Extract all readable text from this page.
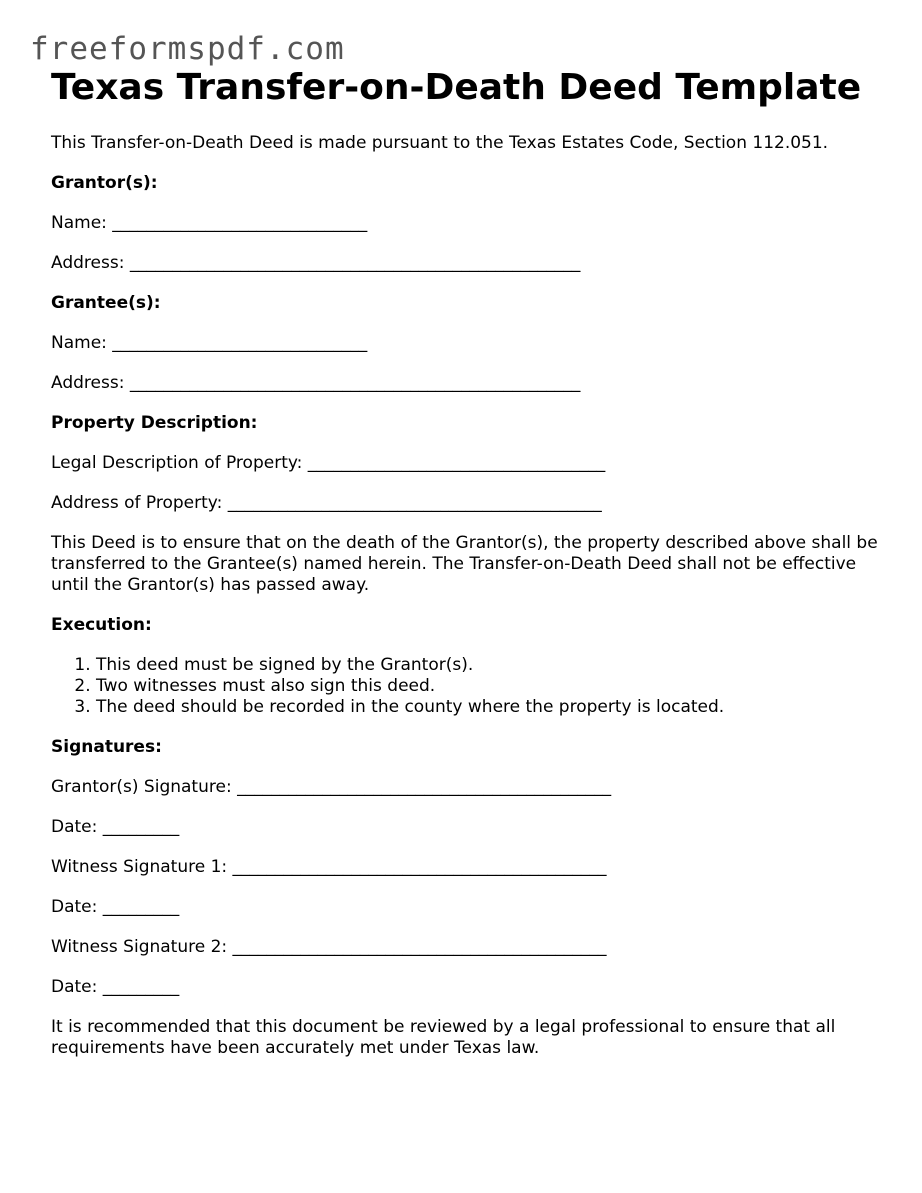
freeformspdf.com
Texas Transfer-on-Death Deed Template

This Transfer-on-Death Deed is made pursuant to the Texas Estates Code, Section 112.051.

Grantor(s):

Name: ______________________________

Address: _____________________________________________________

Grantee(s):

Name: ______________________________

Address: _____________________________________________________

Property Description:

Legal Description of Property: ___________________________________

Address of Property: ____________________________________________

This Deed is to ensure that on the death of the Grantor(s), the property described above shall be transferred to the Grantee(s) named herein. The Transfer-on-Death Deed shall not be effective until the Grantor(s) has passed away.

Execution:
1. This deed must be signed by the Grantor(s).
2. Two witnesses must also sign this deed.
3. The deed should be recorded in the county where the property is located.
Signatures:

Grantor(s) Signature: ____________________________________________

Date: _________

Witness Signature 1: ____________________________________________

Date: _________

Witness Signature 2: ____________________________________________

Date: _________

It is recommended that this document be reviewed by a legal professional to ensure that all requirements have been accurately met under Texas law.
